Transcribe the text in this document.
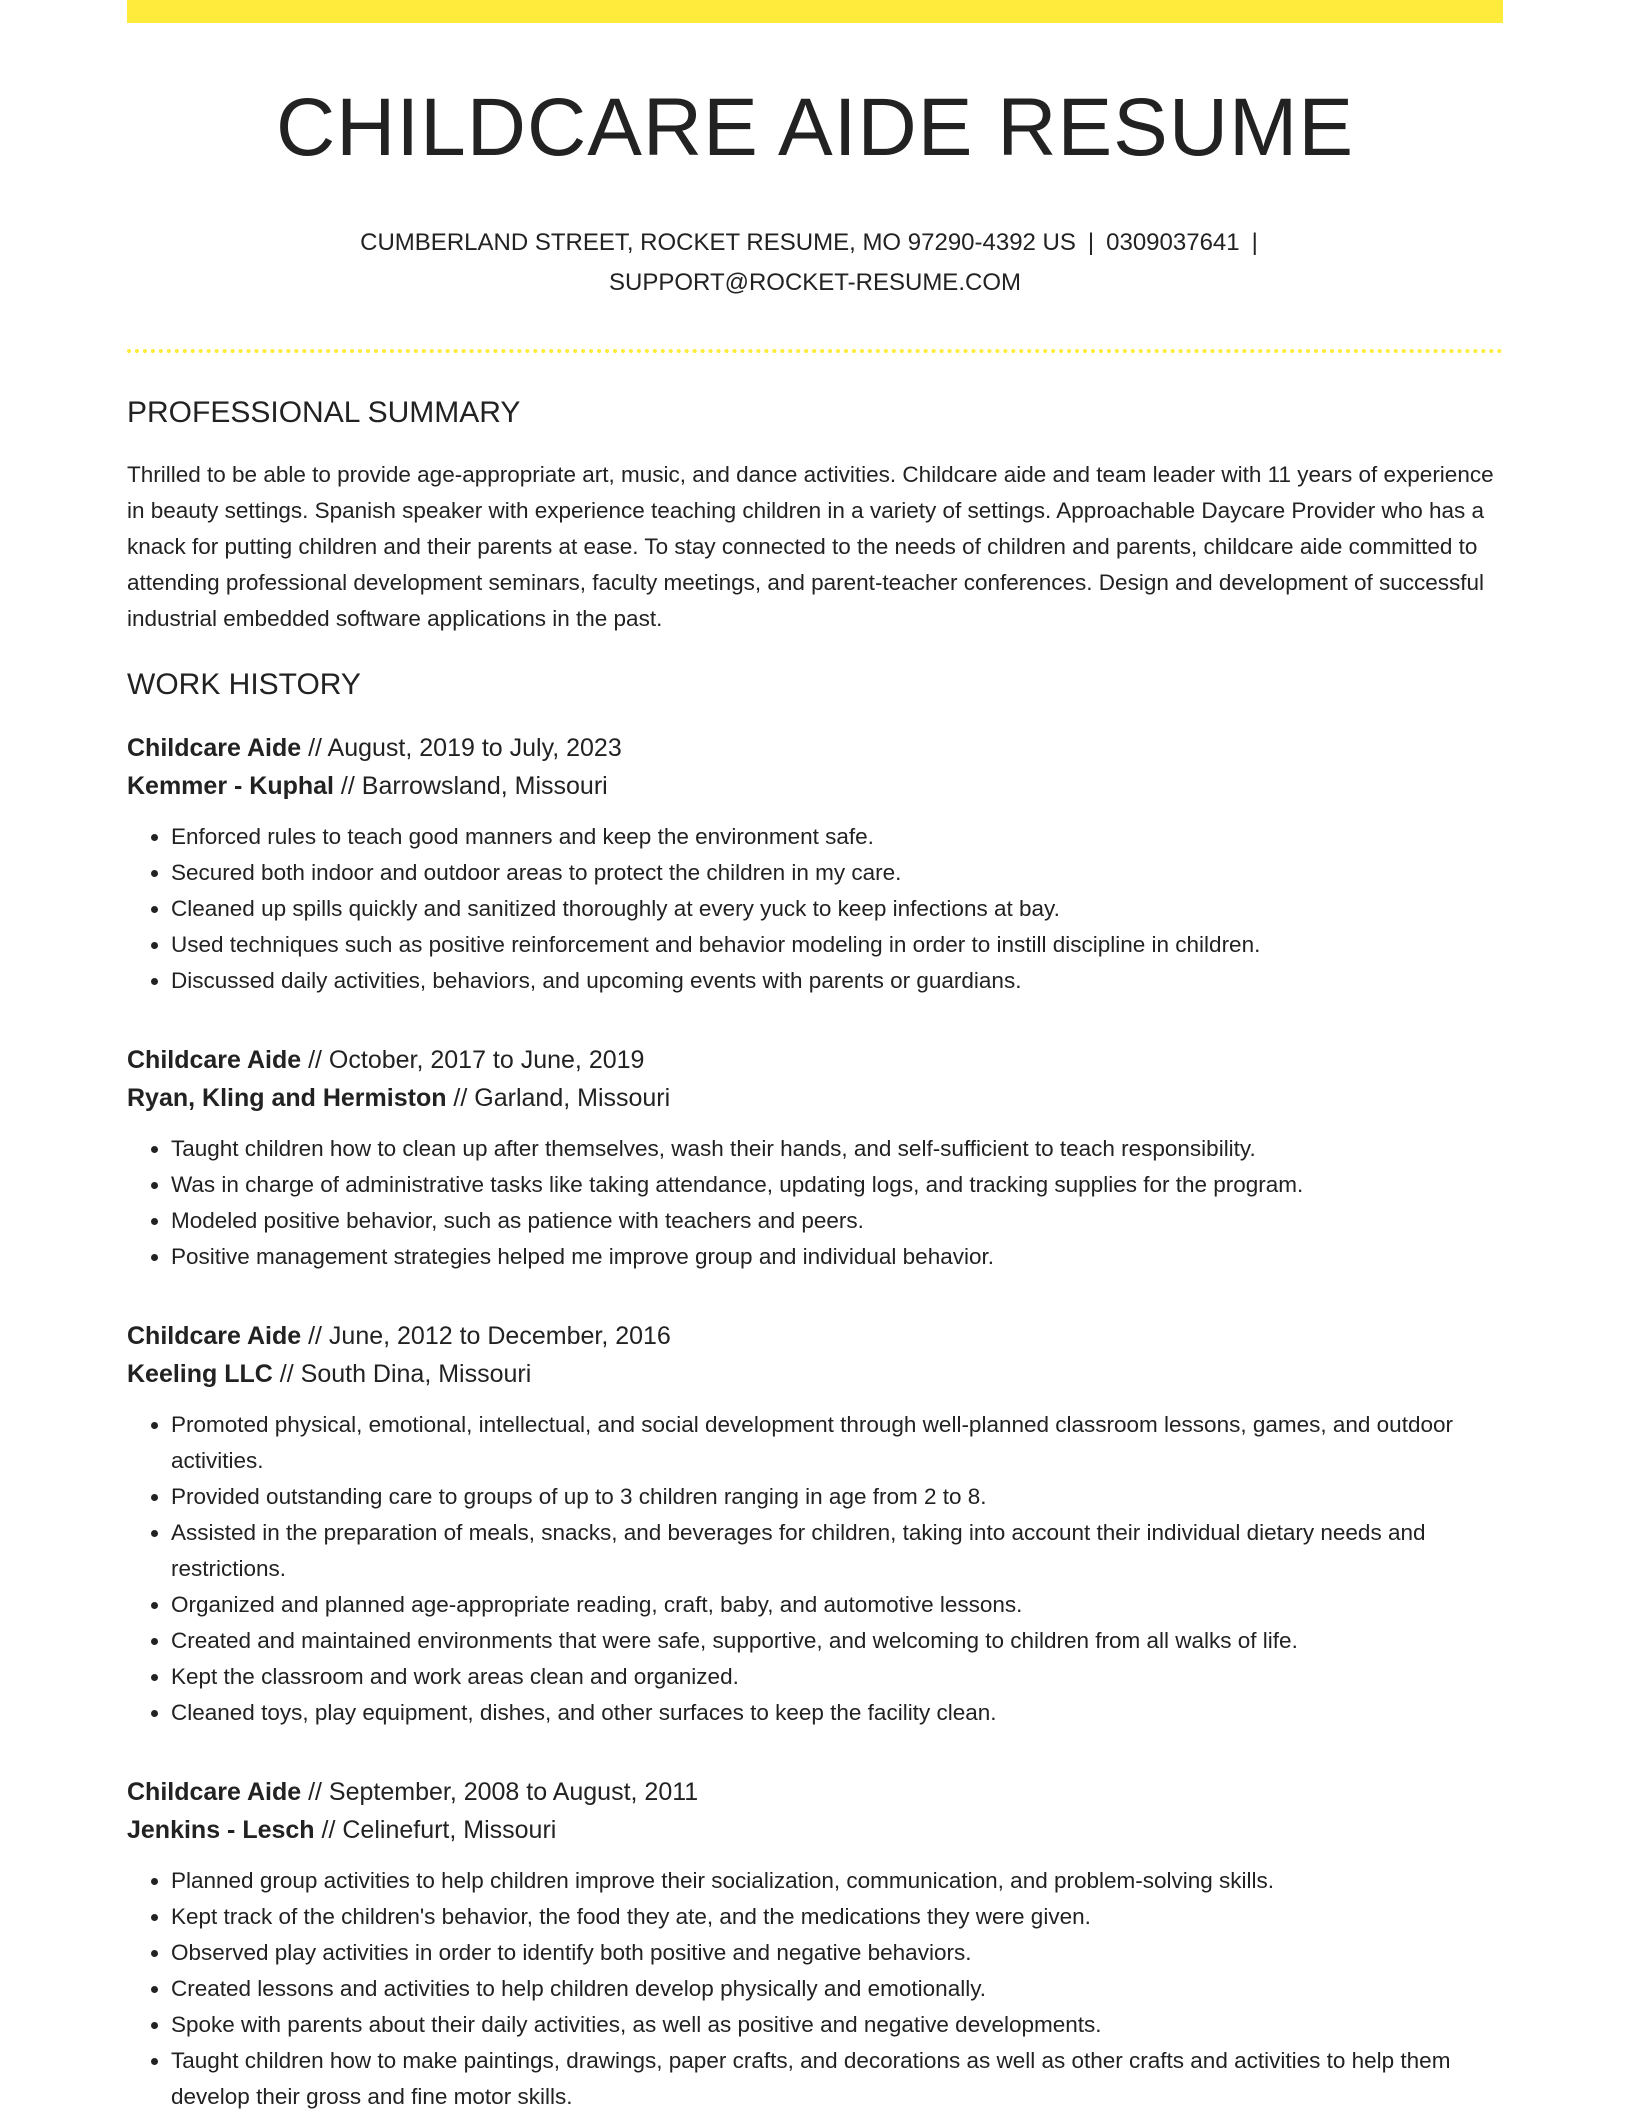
CHILDCARE AIDE RESUME
CUMBERLAND STREET, ROCKET RESUME, MO 97290-4392 US | 0309037641 |
SUPPORT@ROCKET-RESUME.COM
PROFESSIONAL SUMMARY

Thrilled to be able to provide age-appropriate art, music, and dance activities. Childcare aide and team leader with 11 years of experience in beauty settings. Spanish speaker with experience teaching children in a variety of settings. Approachable Daycare Provider who has a knack for putting children and their parents at ease. To stay connected to the needs of children and parents, childcare aide committed to attending professional development seminars, faculty meetings, and parent-teacher conferences. Design and development of successful industrial embedded software applications in the past.

WORK HISTORY
Childcare Aide // August, 2019 to July, 2023
Kemmer - Kuphal // Barrowsland, Missouri
• Enforced rules to teach good manners and keep the environment safe.
• Secured both indoor and outdoor areas to protect the children in my care.
• Cleaned up spills quickly and sanitized thoroughly at every yuck to keep infections at bay.
• Used techniques such as positive reinforcement and behavior modeling in order to instill discipline in children.
• Discussed daily activities, behaviors, and upcoming events with parents or guardians.
Childcare Aide // October, 2017 to June, 2019
Ryan, Kling and Hermiston // Garland, Missouri
• Taught children how to clean up after themselves, wash their hands, and self-sufficient to teach responsibility.
• Was in charge of administrative tasks like taking attendance, updating logs, and tracking supplies for the program.
• Modeled positive behavior, such as patience with teachers and peers.
• Positive management strategies helped me improve group and individual behavior.
Childcare Aide // June, 2012 to December, 2016
Keeling LLC // South Dina, Missouri
• Promoted physical, emotional, intellectual, and social development through well-planned classroom lessons, games, and outdoor activities.
• Provided outstanding care to groups of up to 3 children ranging in age from 2 to 8.
• Assisted in the preparation of meals, snacks, and beverages for children, taking into account their individual dietary needs and restrictions.
• Organized and planned age-appropriate reading, craft, baby, and automotive lessons.
• Created and maintained environments that were safe, supportive, and welcoming to children from all walks of life.
• Kept the classroom and work areas clean and organized.
• Cleaned toys, play equipment, dishes, and other surfaces to keep the facility clean.
Childcare Aide // September, 2008 to August, 2011
Jenkins - Lesch // Celinefurt, Missouri
• Planned group activities to help children improve their socialization, communication, and problem-solving skills.
• Kept track of the children's behavior, the food they ate, and the medications they were given.
• Observed play activities in order to identify both positive and negative behaviors.
• Created lessons and activities to help children develop physically and emotionally.
• Spoke with parents about their daily activities, as well as positive and negative developments.
• Taught children how to make paintings, drawings, paper crafts, and decorations as well as other crafts and activities to help them develop their gross and fine motor skills.
